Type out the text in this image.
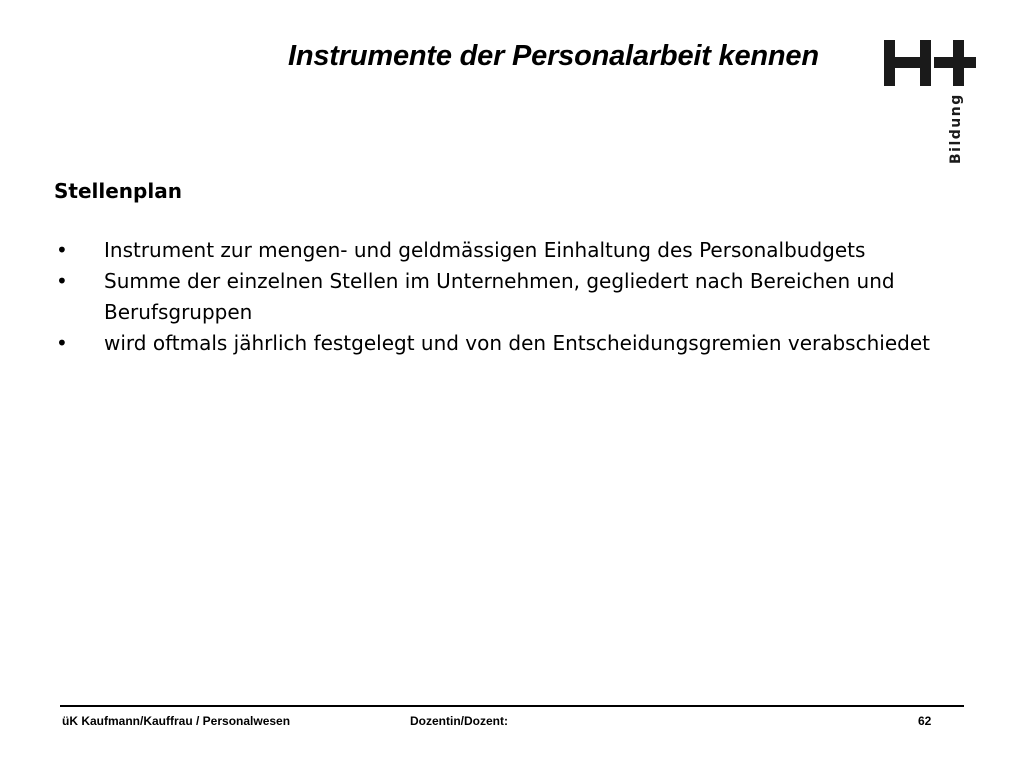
Instrumente der Personalarbeit kennen
Bildung
Stellenplan
• Instrument zur mengen- und geldmässigen Einhaltung des Personalbudgets
• Summe der einzelnen Stellen im Unternehmen, gegliedert nach Bereichen und Berufsgruppen
• wird oftmals jährlich festgelegt und von den Entscheidungsgremien verabschiedet
üK Kaufmann/Kauffrau / Personalwesen	Dozentin/Dozent:	62
